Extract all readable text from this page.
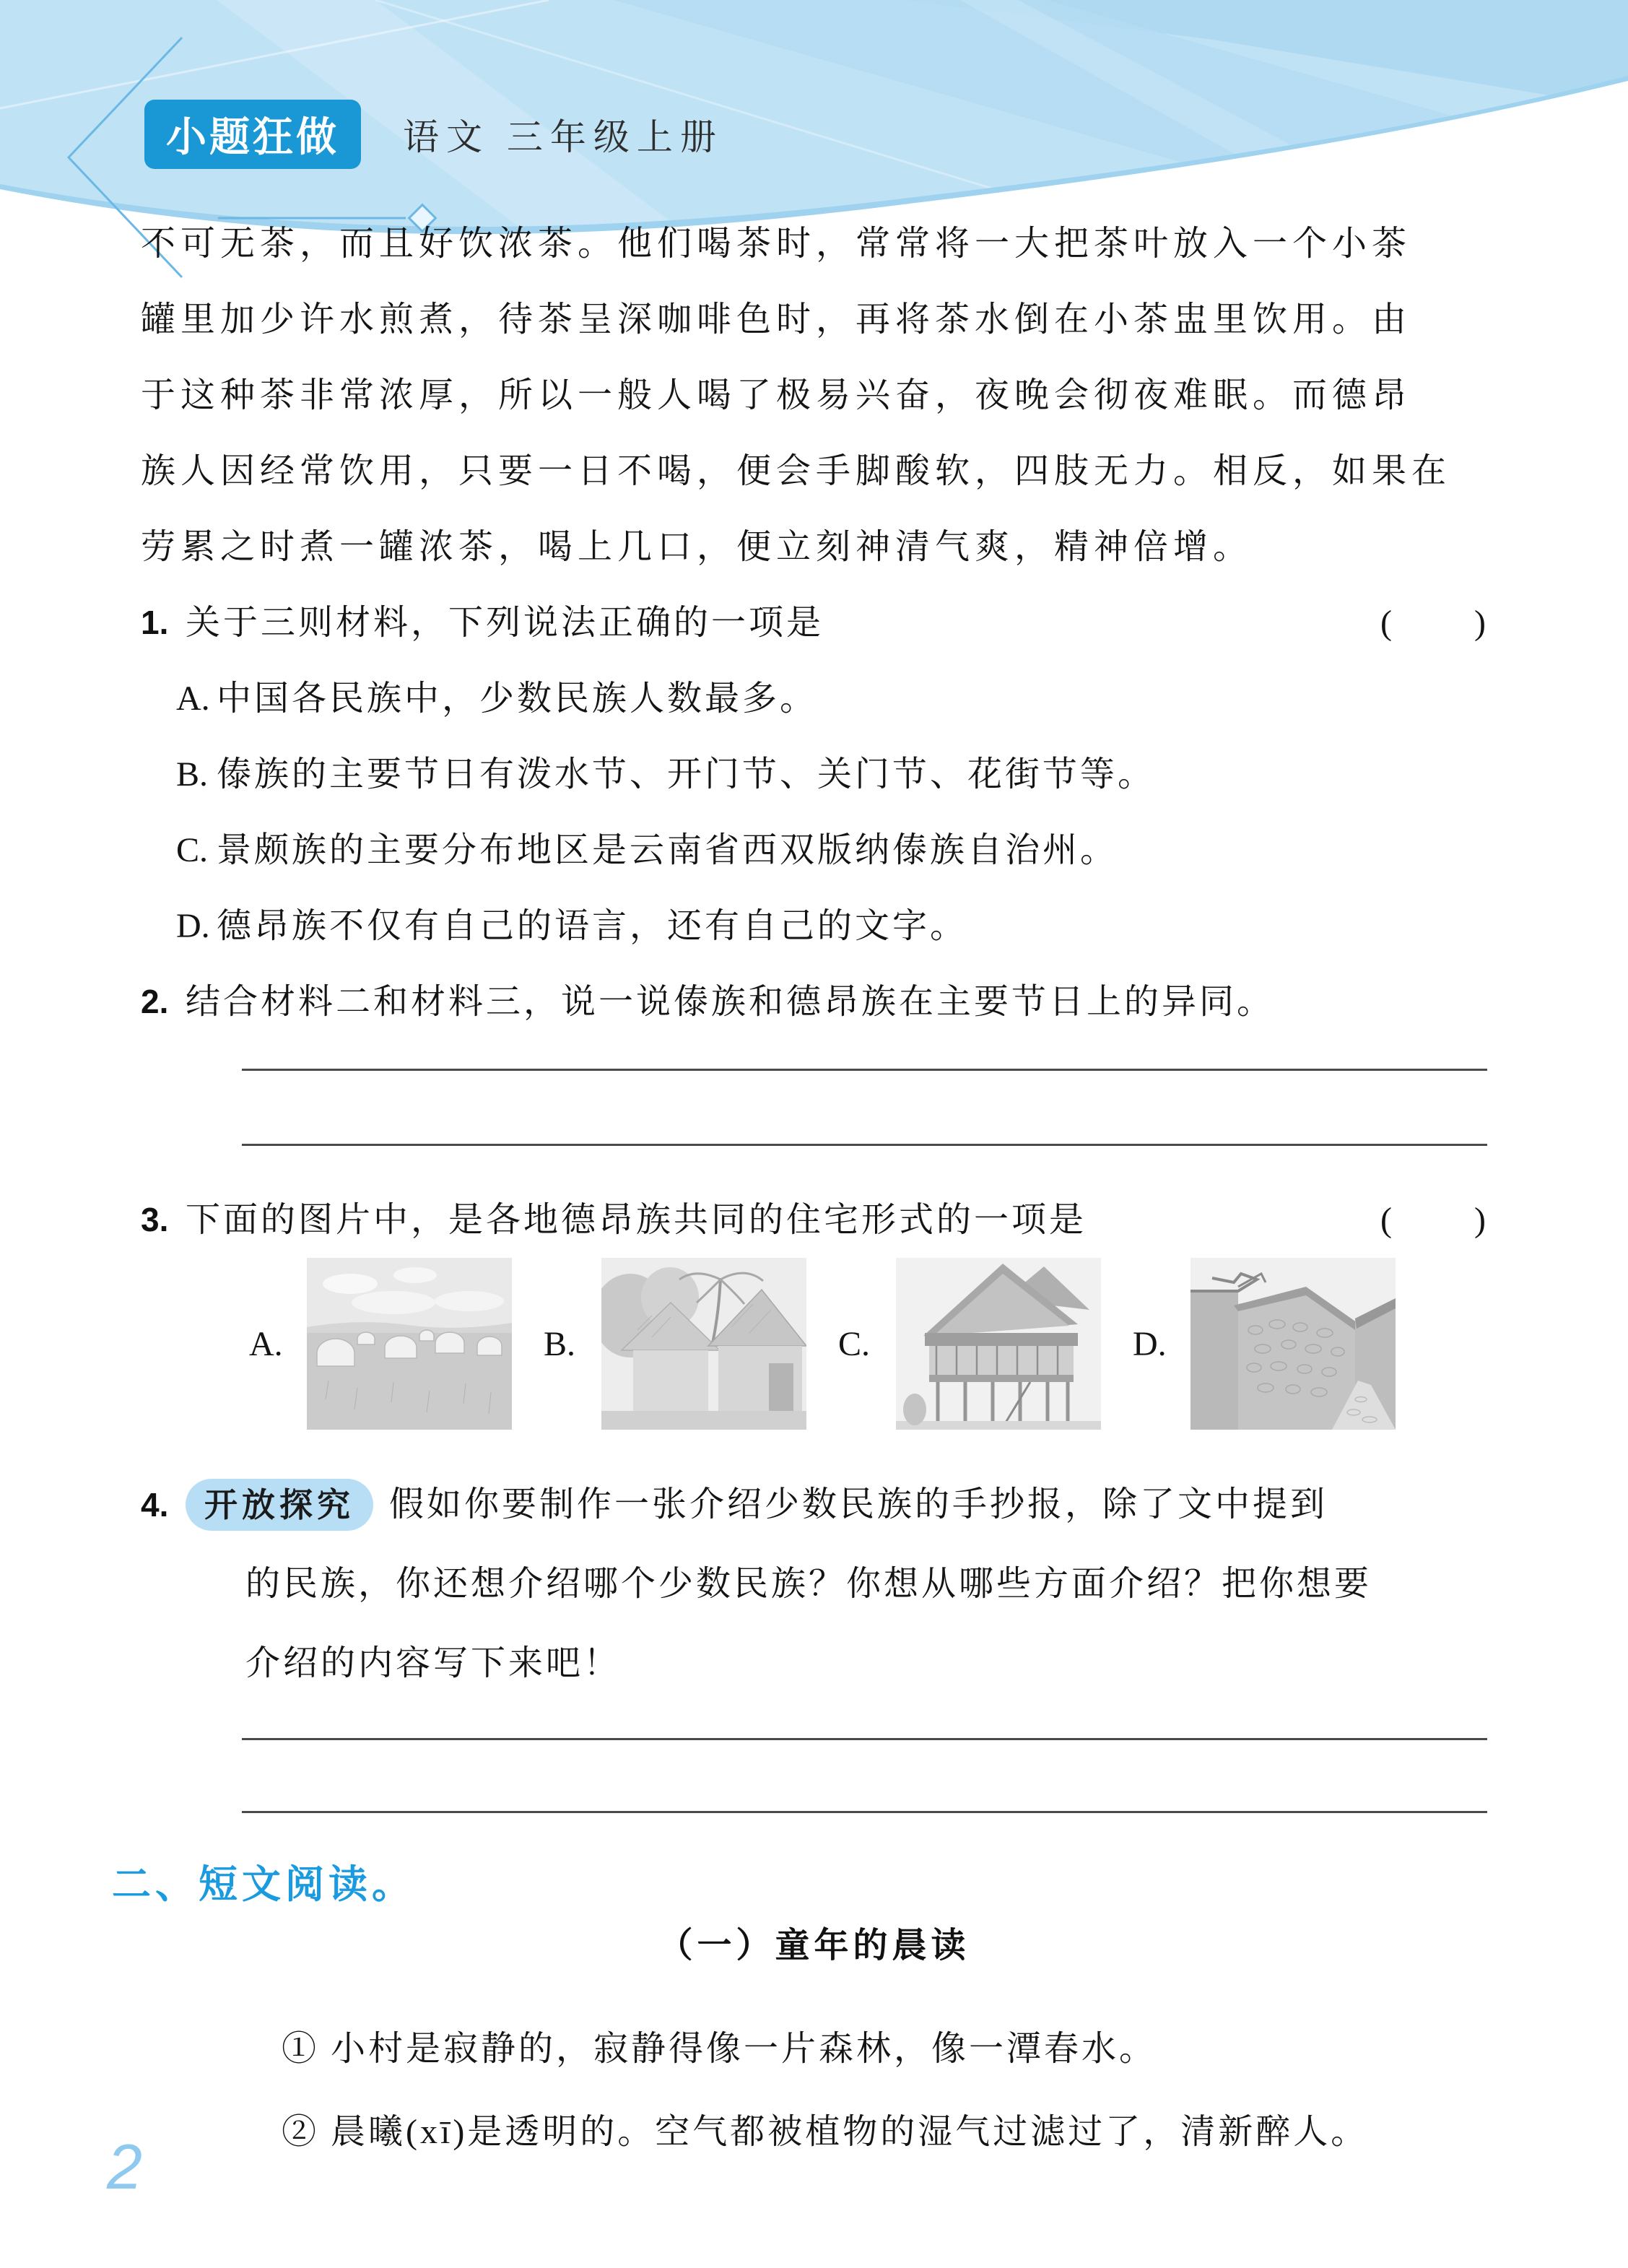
小题狂做	语文 三年级上册

不可无茶，而且好饮浓茶。他们喝茶时，常常将一大把茶叶放入一个小茶

罐里加少许水煎煮，待茶呈深咖啡色时，再将茶水倒在小茶盅里饮用。由

于这种茶非常浓厚，所以一般人喝了极易兴奋，夜晚会彻夜难眠。而德昂

族人因经常饮用，只要一日不喝，便会手脚酸软，四肢无力。相反，如果在

劳累之时煮一罐浓茶，喝上几口，便立刻神清气爽，精神倍增。

1. 关于三则材料，下列说法正确的一项是	(        )
A. 中国各民族中，少数民族人数最多。
B. 傣族的主要节日有泼水节、开门节、关门节、花街节等。
C. 景颇族的主要分布地区是云南省西双版纳傣族自治州。
D. 德昂族不仅有自己的语言，还有自己的文字。
2. 结合材料二和材料三，说一说傣族和德昂族在主要节日上的异同。
3. 下面的图片中，是各地德昂族共同的住宅形式的一项是	(        )
A.	B.	C.	D.
4.	开放探究	假如你要制作一张介绍少数民族的手抄报，除了文中提到
的民族，你还想介绍哪个少数民族？你想从哪些方面介绍？把你想要
介绍的内容写下来吧！
二、短文阅读。
（一）童年的晨读

① 小村是寂静的，寂静得像一片森林，像一潭春水。

② 晨曦(xī)是透明的。空气都被植物的湿气过滤过了，清新醉人。

2
